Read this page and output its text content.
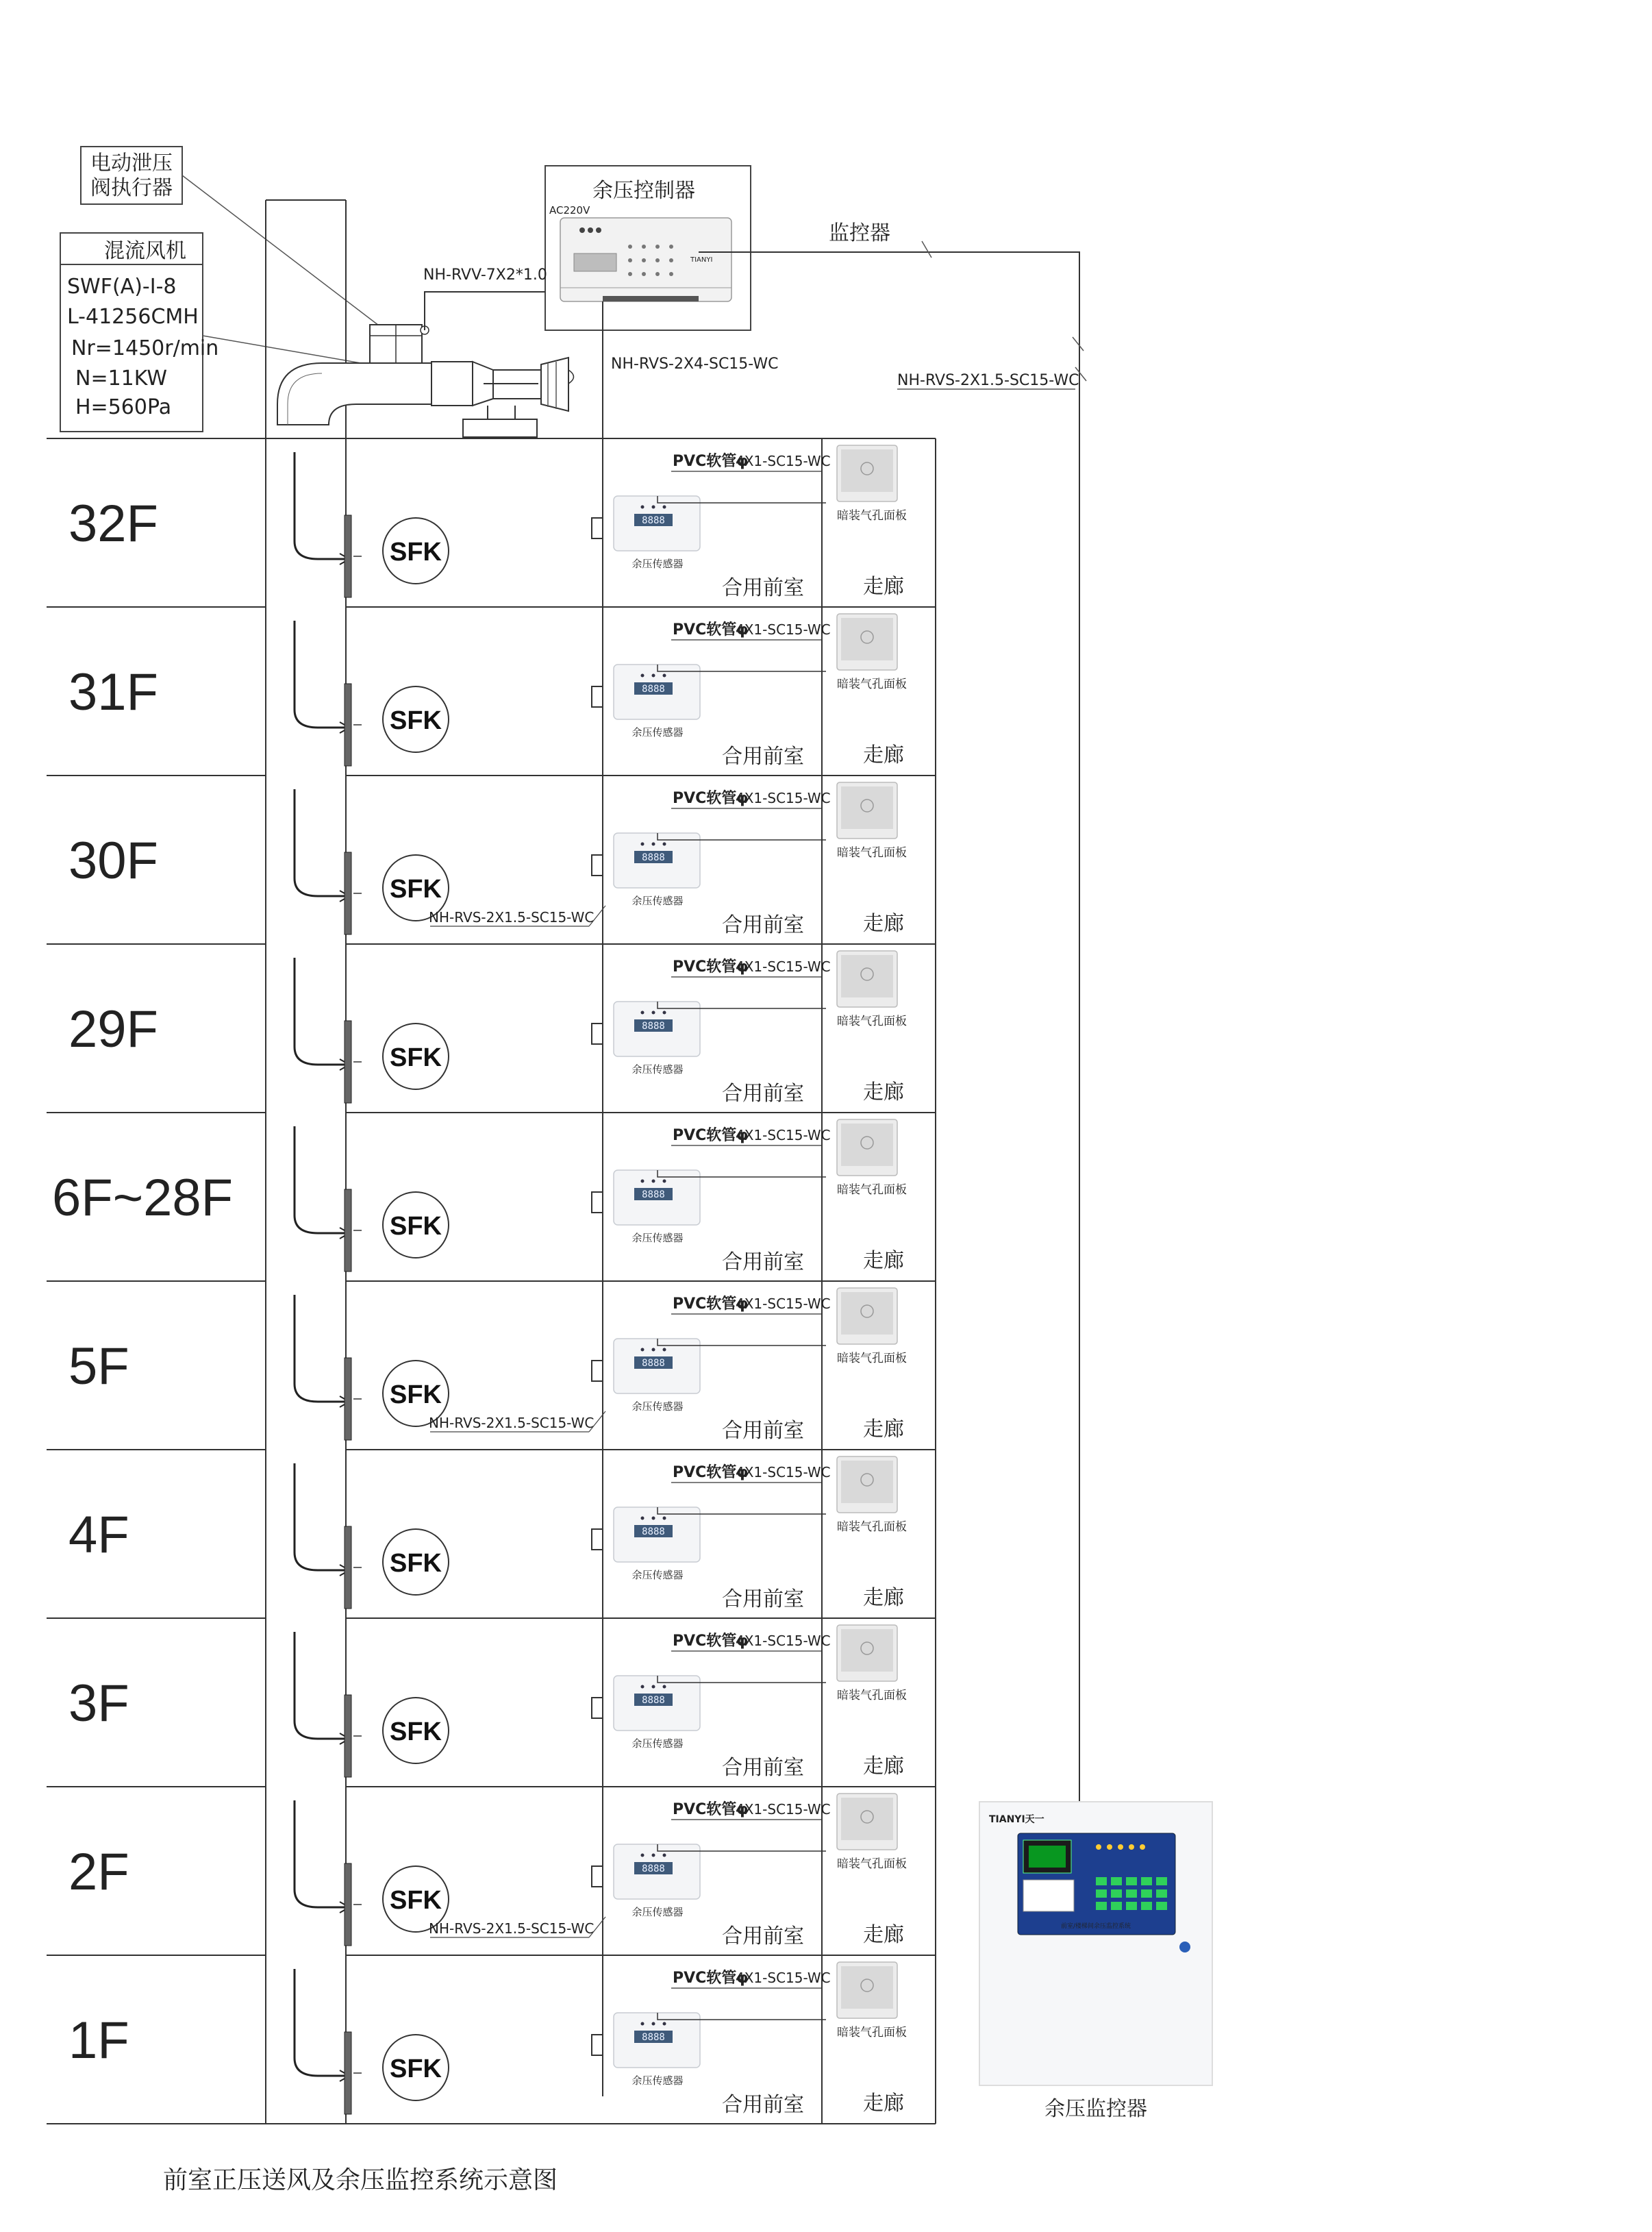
电动泄压
阀执行器
混流风机
SWF(A)-I-8
L-41256CMH
Nr=1450r/min
N=11KW
H=560Pa
余压控制器
AC220V
TIANYI
NH-RVV-7X2*1.0
NH-RVS-2X4-SC15-WC
监控器
NH-RVS-2X1.5-SC15-WC
32F	SFK
8888
余压传感器
PVC软管φ
4X1-SC15-WC
暗装气孔面板
合用前室	走廊
31F	SFK
8888
余压传感器
PVC软管φ
4X1-SC15-WC
暗装气孔面板
合用前室	走廊
30F	SFK
8888
余压传感器
PVC软管φ
4X1-SC15-WC
暗装气孔面板
合用前室	走廊
NH-RVS-2X1.5-SC15-WC
29F	SFK
8888
余压传感器
PVC软管φ
4X1-SC15-WC
暗装气孔面板
合用前室	走廊
6F~28F	SFK
8888
余压传感器
PVC软管φ
4X1-SC15-WC
暗装气孔面板
合用前室	走廊
5F	SFK
8888
余压传感器
PVC软管φ
4X1-SC15-WC
暗装气孔面板
合用前室	走廊
NH-RVS-2X1.5-SC15-WC
4F	SFK
8888
余压传感器
PVC软管φ
4X1-SC15-WC
暗装气孔面板
合用前室	走廊
3F	SFK
8888
余压传感器
PVC软管φ
4X1-SC15-WC
暗装气孔面板
合用前室	走廊
2F	SFK
8888
余压传感器
PVC软管φ
4X1-SC15-WC
暗装气孔面板
合用前室	走廊
NH-RVS-2X1.5-SC15-WC
1F	SFK
8888
余压传感器
PVC软管φ
4X1-SC15-WC
暗装气孔面板
合用前室	走廊
TIANYI天一
前室/楼梯间余压监控系统
余压监控器
前室正压送风及余压监控系统示意图
